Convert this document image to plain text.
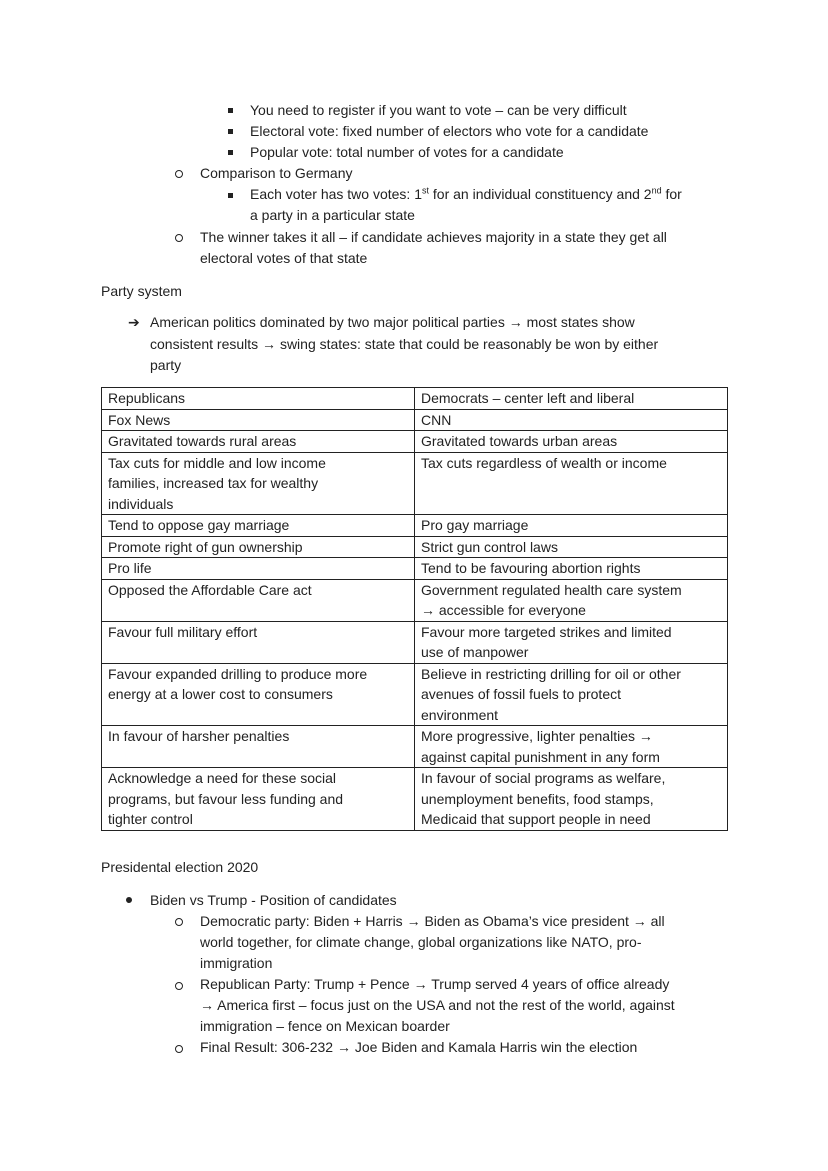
You need to register if you want to vote – can be very difficult
Electoral vote: fixed number of electors who vote for a candidate
Popular vote: total number of votes for a candidate
Comparison to Germany
Each voter has two votes: 1st for an individual constituency and 2nd for
a party in a particular state
The winner takes it all – if candidate achieves majority in a state they get all
electoral votes of that state
Party system
➔ American politics dominated by two major political parties → most states show
consistent results → swing states: state that could be reasonably be won by either
party
Republicans	Democrats – center left and liberal
Fox News	CNN
Gravitated towards rural areas	Gravitated towards urban areas
Tax cuts for middle and low income
families, increased tax for wealthy
individuals	Tax cuts regardless of wealth or income
Tend to oppose gay marriage	Pro gay marriage
Promote right of gun ownership	Strict gun control laws
Pro life	Tend to be favouring abortion rights
Opposed the Affordable Care act	Government regulated health care system
→ accessible for everyone
Favour full military effort	Favour more targeted strikes and limited
use of manpower
Favour expanded drilling to produce more
energy at a lower cost to consumers	Believe in restricting drilling for oil or other
avenues of fossil fuels to protect
environment
In favour of harsher penalties	More progressive, lighter penalties →
against capital punishment in any form
Acknowledge a need for these social
programs, but favour less funding and
tighter control	In favour of social programs as welfare,
unemployment benefits, food stamps,
Medicaid that support people in need
Presidental election 2020
Biden vs Trump - Position of candidates
Democratic party: Biden + Harris → Biden as Obama’s vice president → all
world together, for climate change, global organizations like NATO, pro-
immigration
Republican Party: Trump + Pence → Trump served 4 years of office already
→ America first – focus just on the USA and not the rest of the world, against
immigration – fence on Mexican boarder
Final Result: 306-232 → Joe Biden and Kamala Harris win the election
